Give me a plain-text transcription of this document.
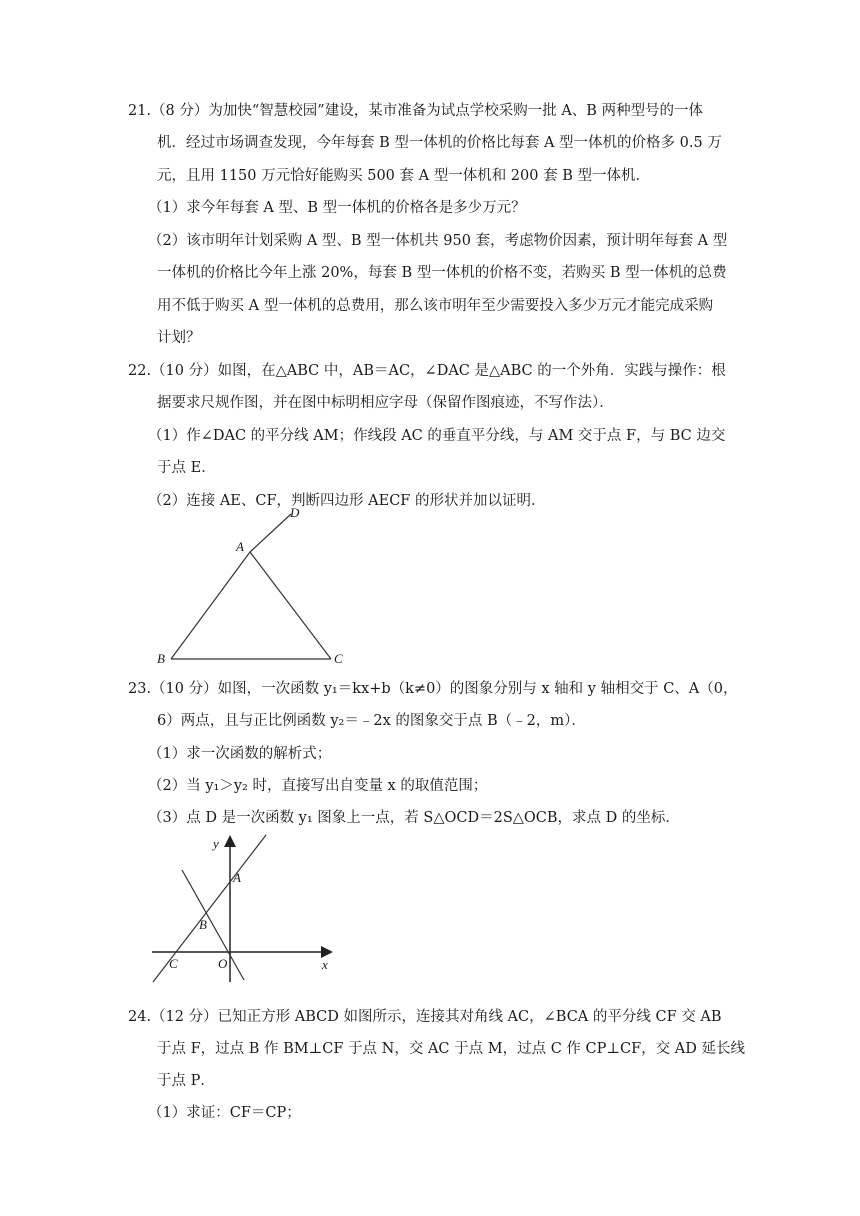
21.（8 分）为加快“智慧校园”建设，某市准备为试点学校采购一批 A、B 两种型号的一体
机．经过市场调查发现，今年每套 B 型一体机的价格比每套 A 型一体机的价格多 0.5 万
元，且用 1150 万元恰好能购买 500 套 A 型一体机和 200 套 B 型一体机．
（1）求今年每套 A 型、B 型一体机的价格各是多少万元？
（2）该市明年计划采购 A 型、B 型一体机共 950 套，考虑物价因素，预计明年每套 A 型
一体机的价格比今年上涨 20%，每套 B 型一体机的价格不变，若购买 B 型一体机的总费
用不低于购买 A 型一体机的总费用，那么该市明年至少需要投入多少万元才能完成采购
计划？
22.（10 分）如图，在△ABC 中，AB＝AC，∠DAC 是△ABC 的一个外角．实践与操作：根
据要求尺规作图，并在图中标明相应字母（保留作图痕迹，不写作法）．
（1）作∠DAC 的平分线 AM；作线段 AC 的垂直平分线，与 AM 交于点 F，与 BC 边交
于点 E．
（2）连接 AE、CF，判断四边形 AECF 的形状并加以证明．
D
A
B	C
23.（10 分）如图，一次函数 y₁＝kx+b（k≠0）的图象分别与 x 轴和 y 轴相交于 C、A（0，
6）两点，且与正比例函数 y₂＝﹣2x 的图象交于点 B（﹣2，m）．
（1）求一次函数的解析式；
（2）当 y₁＞y₂ 时，直接写出自变量 x 的取值范围；
（3）点 D 是一次函数 y₁ 图象上一点，若 S△OCD＝2S△OCB，求点 D 的坐标．
y
x
A
B
C	O
24.（12 分）已知正方形 ABCD 如图所示，连接其对角线 AC，∠BCA 的平分线 CF 交 AB
于点 F，过点 B 作 BM⊥CF 于点 N，交 AC 于点 M，过点 C 作 CP⊥CF，交 AD 延长线
于点 P．
（1）求证：CF＝CP；
